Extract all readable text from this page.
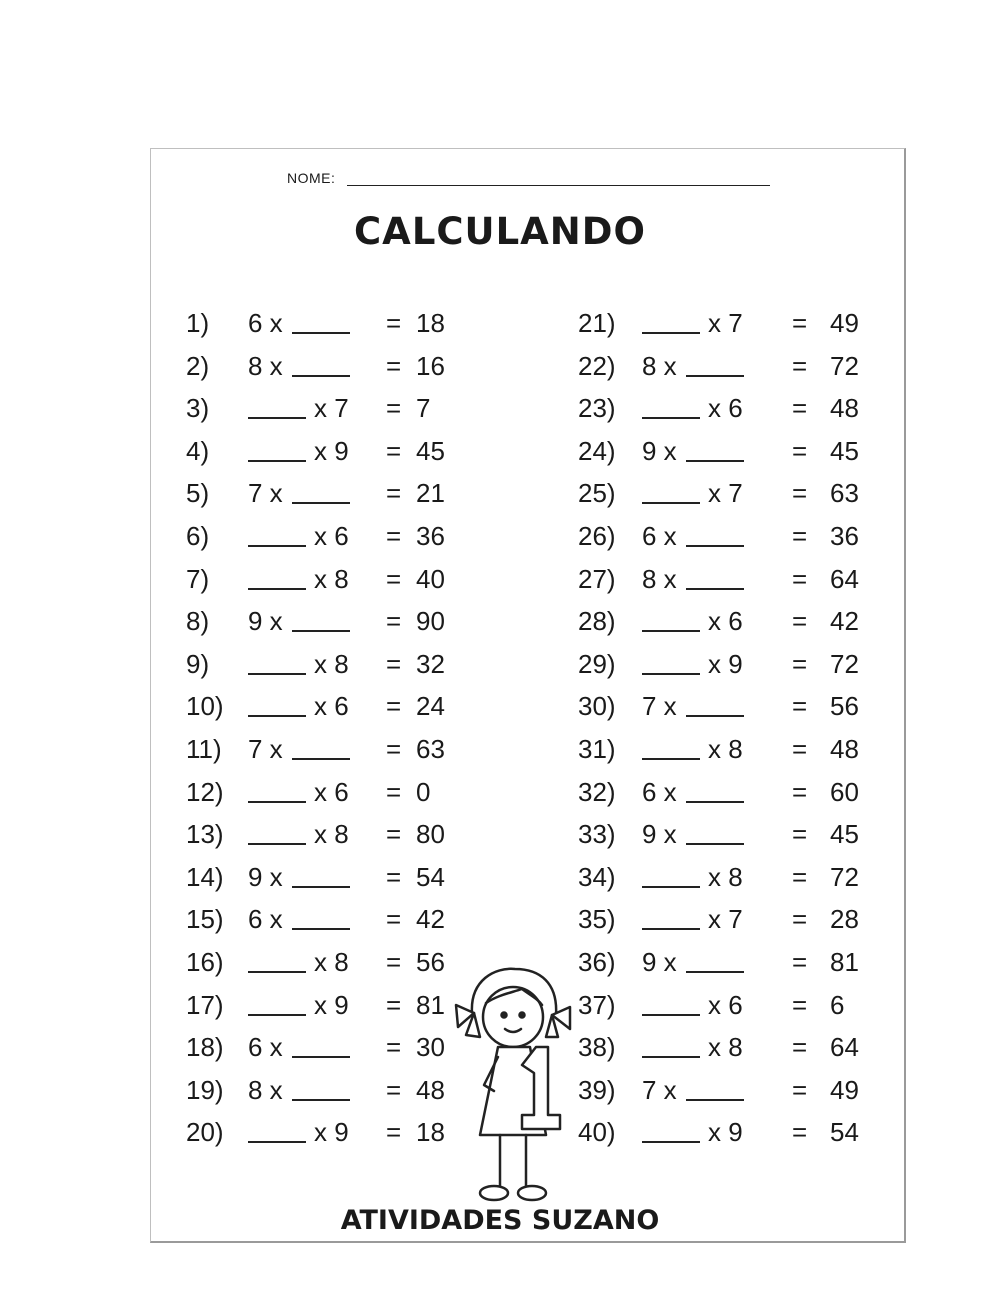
NOME:
CALCULANDO
1) 6 x	= 18
2) 8 x	= 16
3)	x 7 = 7
4)	x 9 = 45
5) 7 x	= 21
6)	x 6 = 36
7)	x 8 = 40
8) 9 x	= 90
9)	x 8 = 32
10)	x 6 = 24
11) 7 x	= 63
12)	x 6 = 0
13)	x 8 = 80
14) 9 x	= 54
15) 6 x	= 42
16)	x 8 = 56
17)	x 9 = 81
18) 6 x	= 30
19) 8 x	= 48
20)	x 9 = 18
21)	x 7 = 49
22) 8 x	= 72
23)	x 6 = 48
24) 9 x	= 45
25)	x 7 = 63
26) 6 x	= 36
27) 8 x	= 64
28)	x 6 = 42
29)	x 9 = 72
30) 7 x	= 56
31)	x 8 = 48
32) 6 x	= 60
33) 9 x	= 45
34)	x 8 = 72
35)	x 7 = 28
36) 9 x	= 81
37)	x 6 = 6
38)	x 8 = 64
39) 7 x	= 49
40)	x 9 = 54
ATIVIDADES SUZANO
